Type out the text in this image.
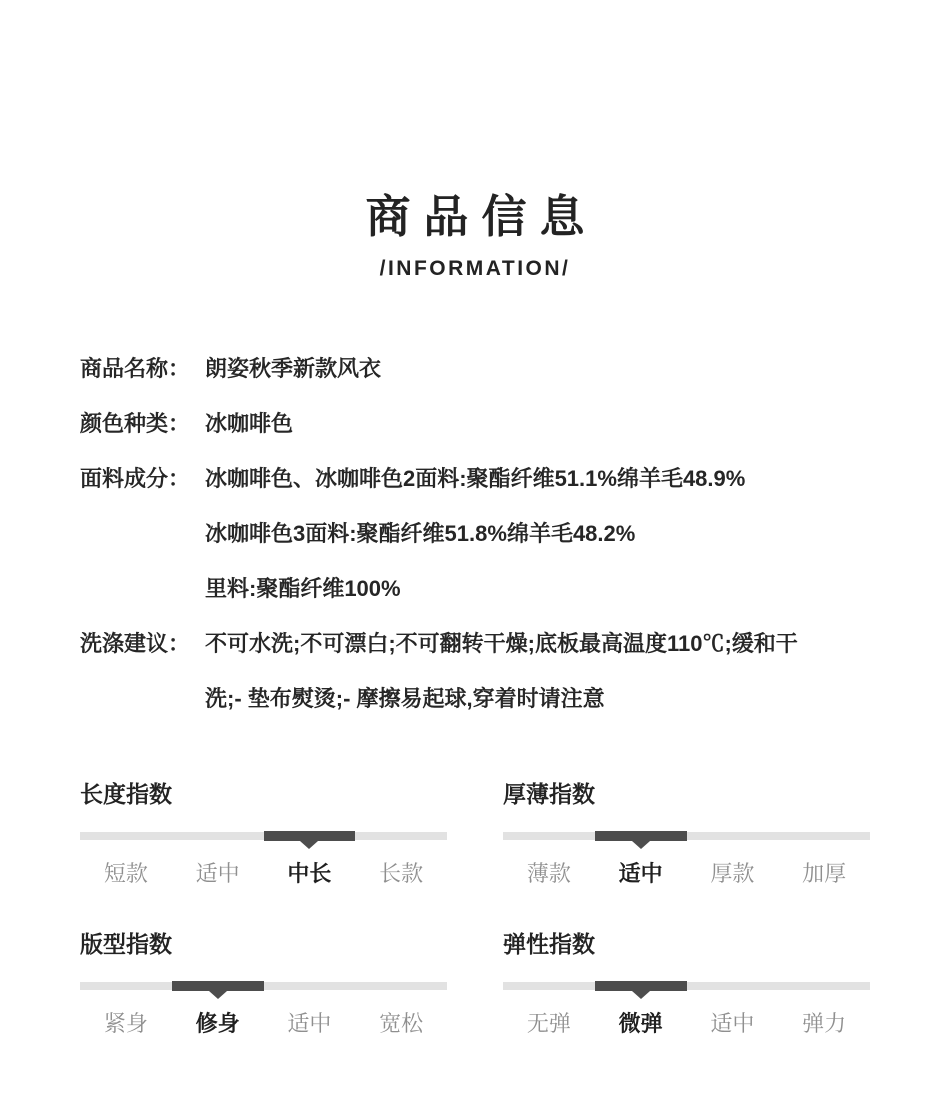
商品信息
/INFORMATION/
商品名称： 朗姿秋季新款风衣
颜色种类： 冰咖啡色
面料成分： 冰咖啡色、冰咖啡色2面料:聚酯纤维51.1%绵羊毛48.9%
冰咖啡色3面料:聚酯纤维51.8%绵羊毛48.2%
里料:聚酯纤维100%
洗涤建议： 不可水洗;不可漂白;不可翻转干燥;底板最高温度110℃;缓和干
洗;- 垫布熨烫;- 摩擦易起球,穿着时请注意
长度指数
短款	适中	中长	长款
厚薄指数
薄款	适中	厚款	加厚
版型指数
紧身	修身	适中	宽松
弹性指数
无弹	微弹	适中	弹力
